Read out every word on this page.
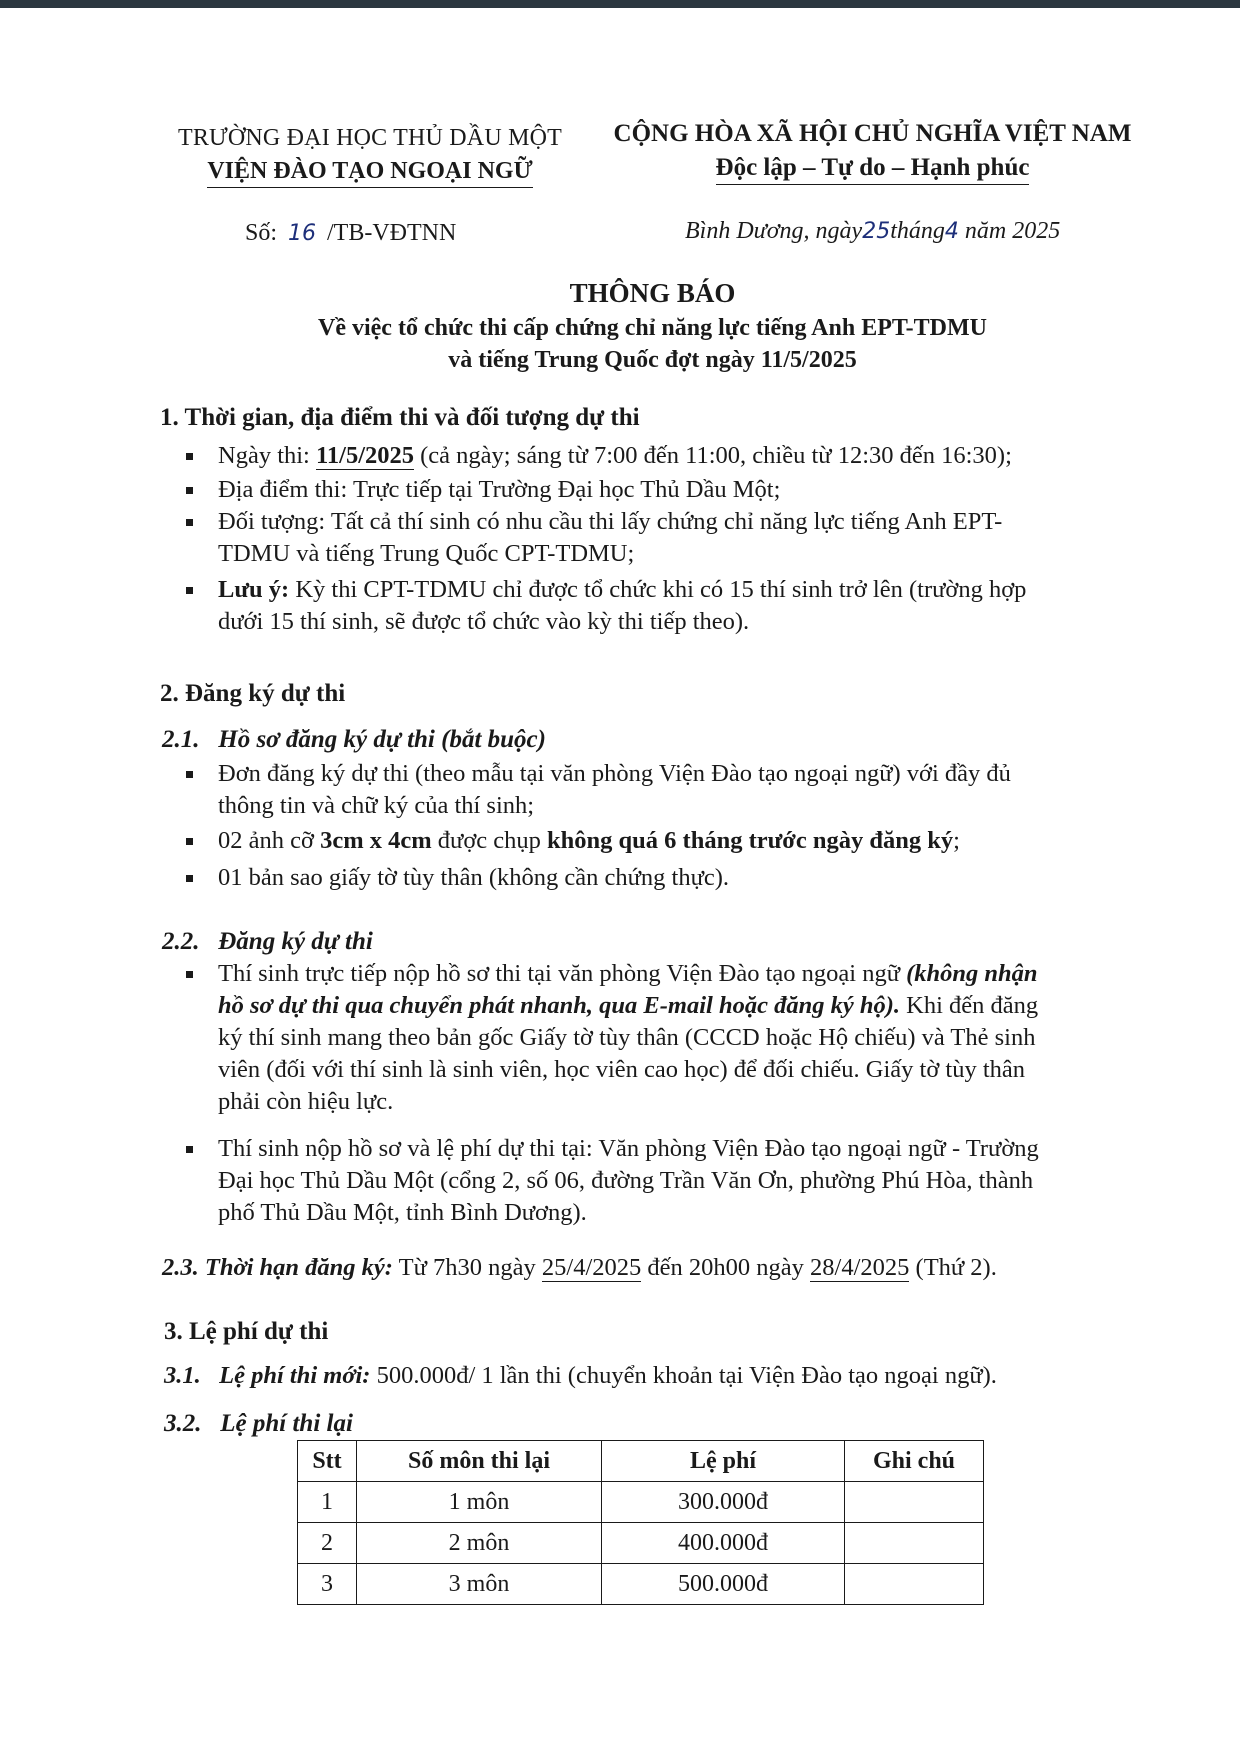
TRƯỜNG ĐẠI HỌC THỦ DẦU MỘT
VIỆN ĐÀO TẠO NGOẠI NGỮ
CỘNG HÒA XÃ HỘI CHỦ NGHĨA VIỆT NAM
Độc lập – Tự do – Hạnh phúc
Số: 16 /TB-VĐTNN	Bình Dương, ngày25tháng4 năm 2025
THÔNG BÁO
Về việc tổ chức thi cấp chứng chỉ năng lực tiếng Anh EPT-TDMU
và tiếng Trung Quốc đợt ngày 11/5/2025
1. Thời gian, địa điểm thi và đối tượng dự thi
Ngày thi: 11/5/2025 (cả ngày; sáng từ 7:00 đến 11:00, chiều từ 12:30 đến 16:30);
Địa điểm thi: Trực tiếp tại Trường Đại học Thủ Dầu Một;
Đối tượng: Tất cả thí sinh có nhu cầu thi lấy chứng chỉ năng lực tiếng Anh EPT-
TDMU và tiếng Trung Quốc CPT-TDMU;
Lưu ý: Kỳ thi CPT-TDMU chỉ được tổ chức khi có 15 thí sinh trở lên (trường hợp
dưới 15 thí sinh, sẽ được tổ chức vào kỳ thi tiếp theo).
2. Đăng ký dự thi
2.1. Hồ sơ đăng ký dự thi (bắt buộc)
Đơn đăng ký dự thi (theo mẫu tại văn phòng Viện Đào tạo ngoại ngữ) với đầy đủ
thông tin và chữ ký của thí sinh;
02 ảnh cỡ 3cm x 4cm được chụp không quá 6 tháng trước ngày đăng ký;
01 bản sao giấy tờ tùy thân (không cần chứng thực).
2.2. Đăng ký dự thi
Thí sinh trực tiếp nộp hồ sơ thi tại văn phòng Viện Đào tạo ngoại ngữ (không nhận
hồ sơ dự thi qua chuyển phát nhanh, qua E-mail hoặc đăng ký hộ). Khi đến đăng
ký thí sinh mang theo bản gốc Giấy tờ tùy thân (CCCD hoặc Hộ chiếu) và Thẻ sinh
viên (đối với thí sinh là sinh viên, học viên cao học) để đối chiếu. Giấy tờ tùy thân
phải còn hiệu lực.
Thí sinh nộp hồ sơ và lệ phí dự thi tại: Văn phòng Viện Đào tạo ngoại ngữ - Trường
Đại học Thủ Dầu Một (cổng 2, số 06, đường Trần Văn Ơn, phường Phú Hòa, thành
phố Thủ Dầu Một, tỉnh Bình Dương).
2.3. Thời hạn đăng ký: Từ 7h30 ngày 25/4/2025 đến 20h00 ngày 28/4/2025 (Thứ 2).
3. Lệ phí dự thi
3.1. Lệ phí thi mới: 500.000đ/ 1 lần thi (chuyển khoản tại Viện Đào tạo ngoại ngữ).
3.2. Lệ phí thi lại
Stt	Số môn thi lại	Lệ phí	Ghi chú
1	1 môn	300.000đ	
2	2 môn	400.000đ	
3	3 môn	500.000đ	
